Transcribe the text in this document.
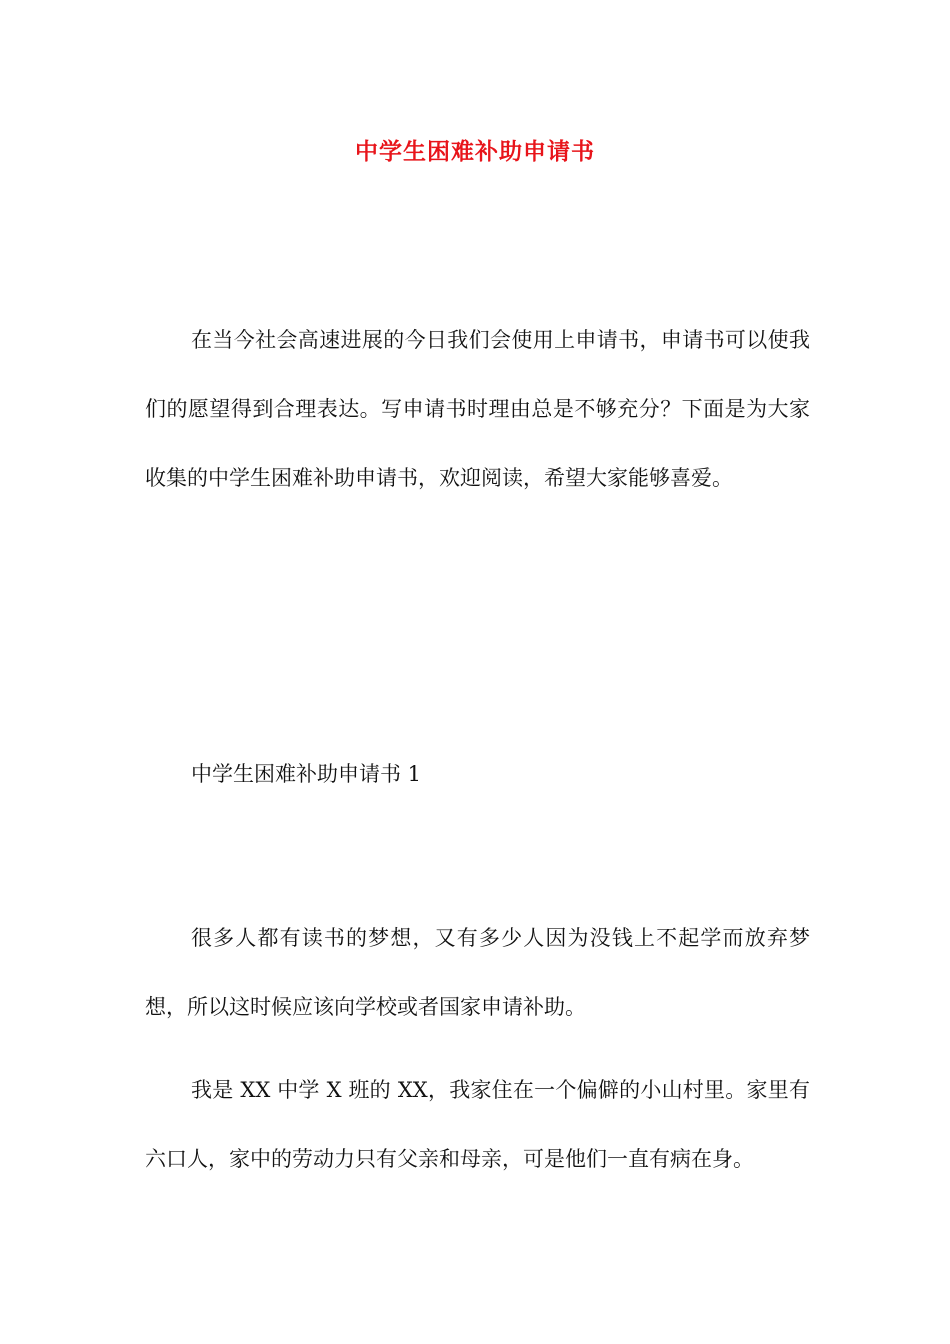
中学生困难补助申请书

在当今社会高速进展的今日我们会使用上申请书，申请书可以使我们的愿望得到合理表达。写申请书时理由总是不够充分？下面是为大家收集的中学生困难补助申请书，欢迎阅读，希望大家能够喜爱。

中学生困难补助申请书 1

很多人都有读书的梦想，又有多少人因为没钱上不起学而放弃梦想，所以这时候应该向学校或者国家申请补助。

我是 XX 中学 X 班的 XX，我家住在一个偏僻的小山村里。家里有六口人，家中的劳动力只有父亲和母亲，可是他们一直有病在身。
